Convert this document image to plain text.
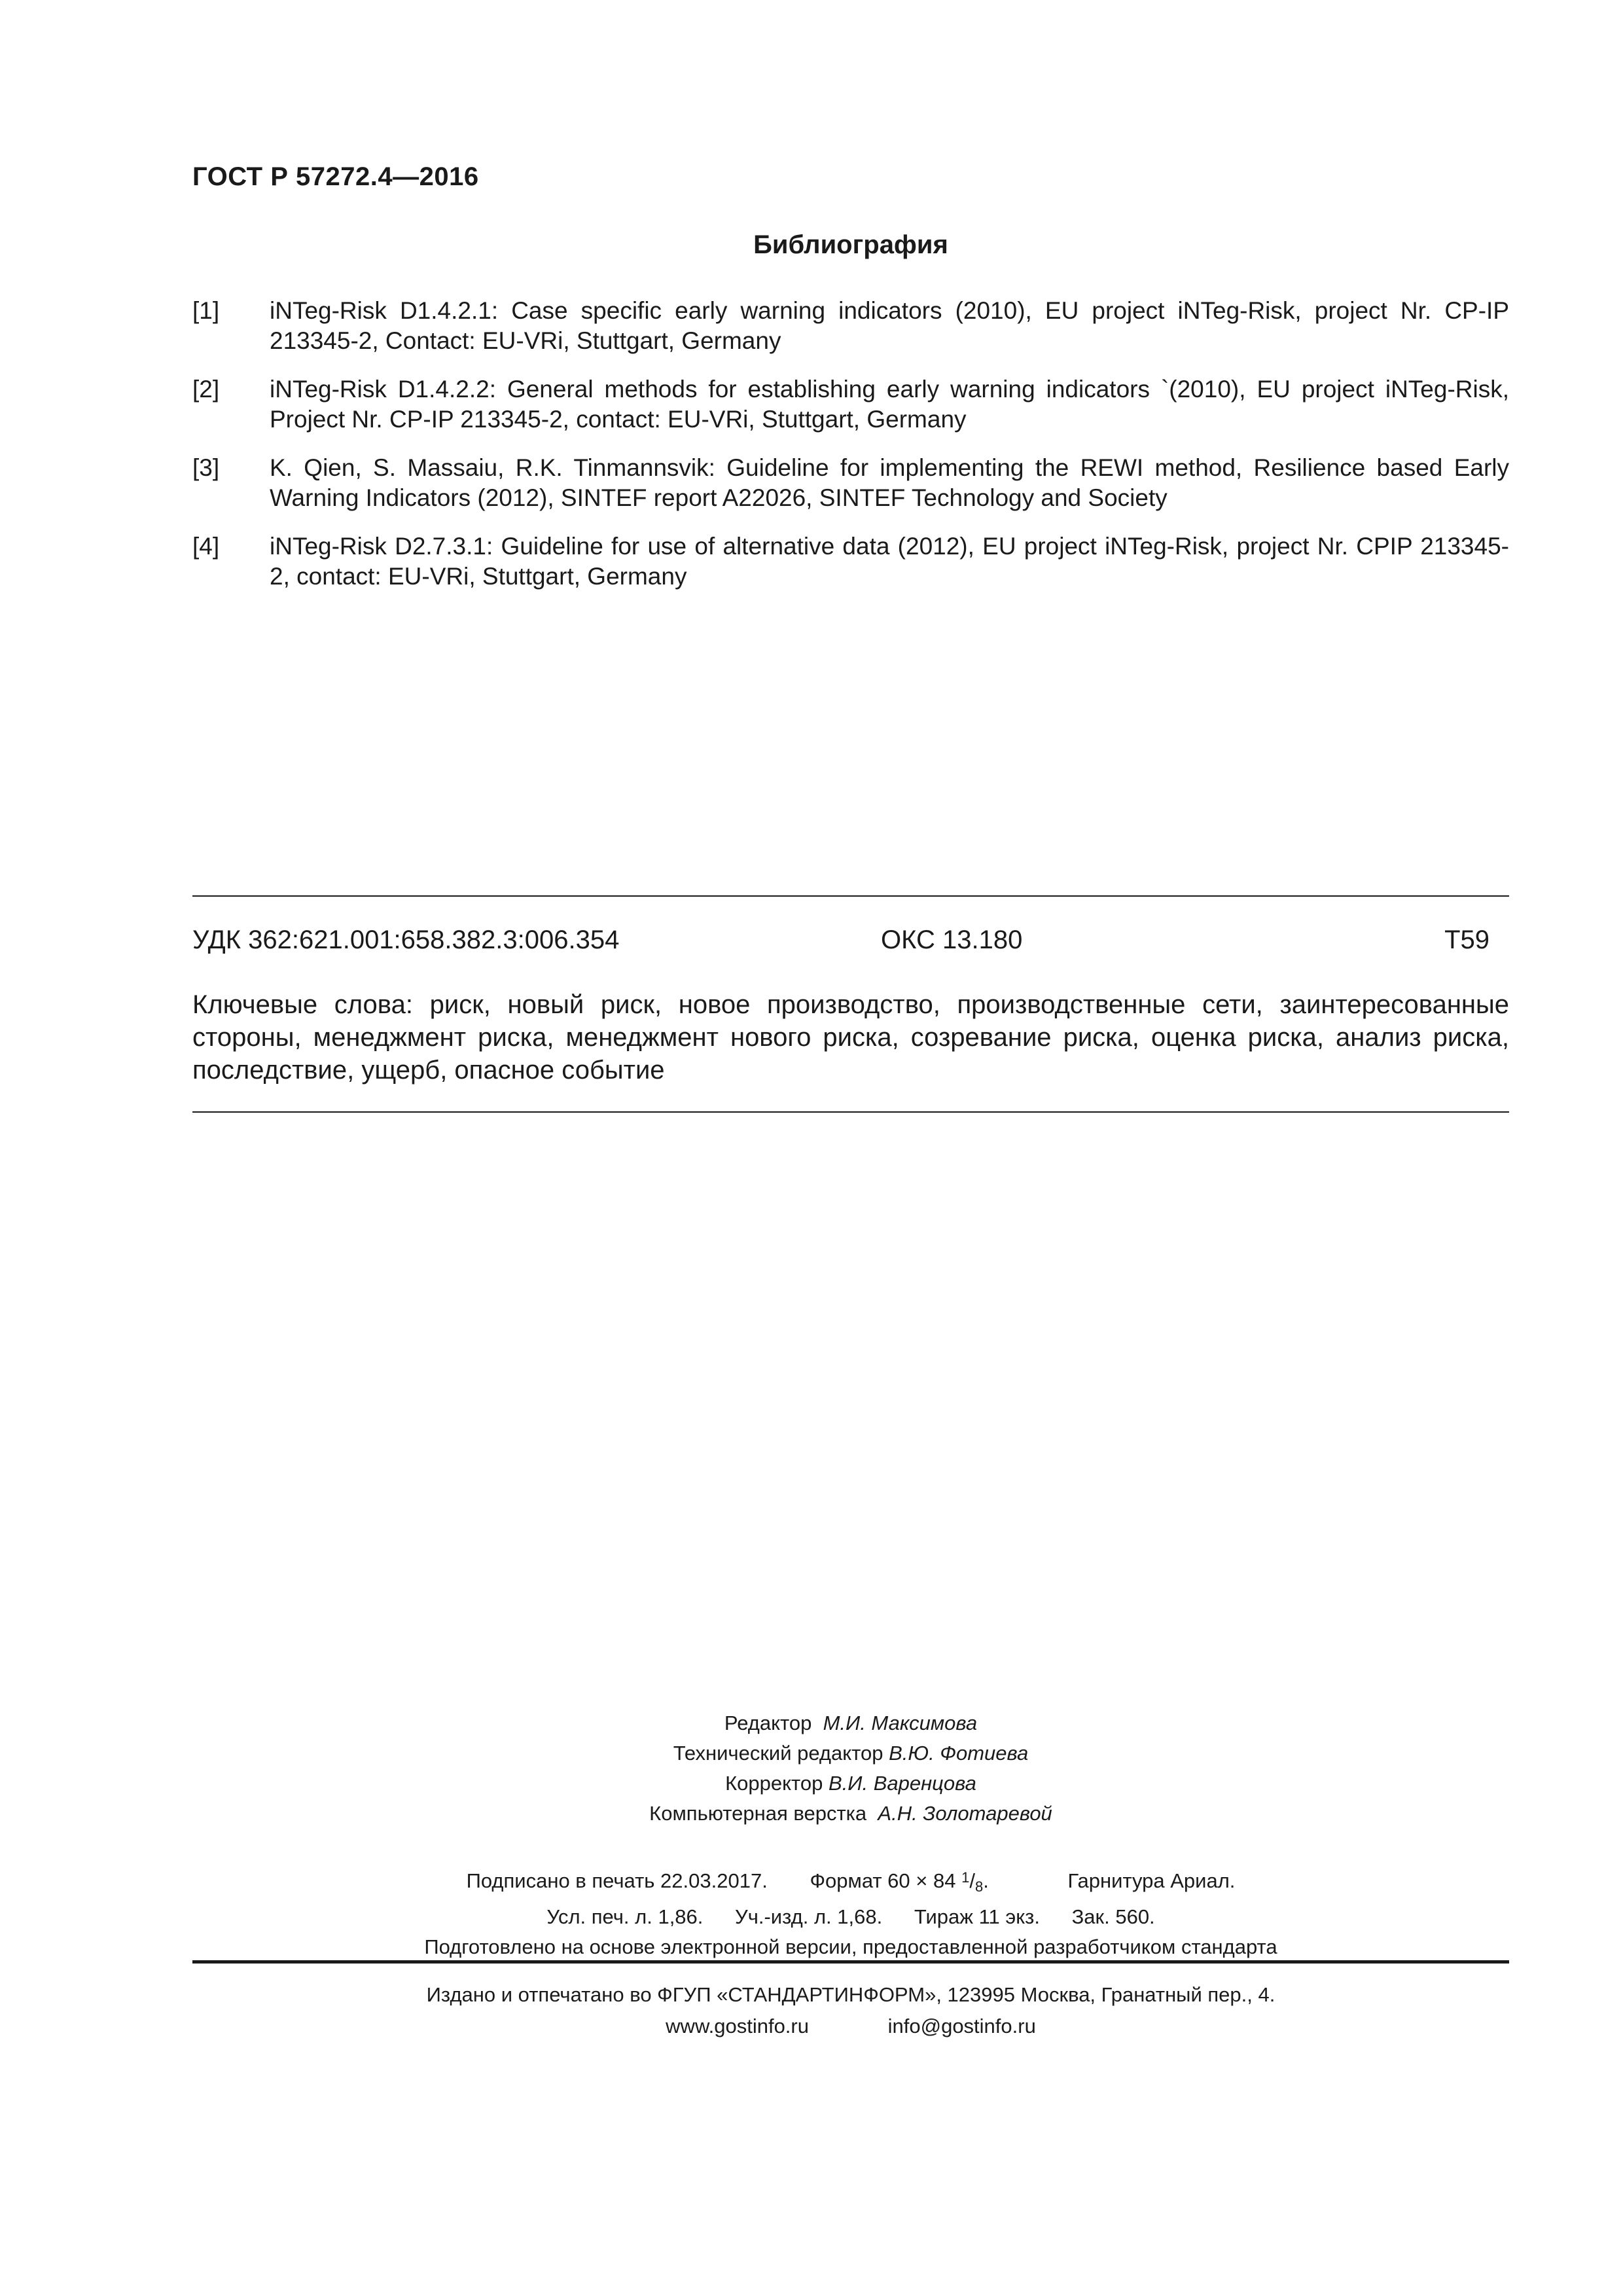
ГОСТ Р 57272.4—2016
Библиография
[1] iNTeg-Risk D1.4.2.1: Case specific early warning indicators (2010), EU project iNTeg-Risk, project Nr. CP-IP 213345-2, Contact: EU-VRi, Stuttgart, Germany
[2] iNTeg-Risk D1.4.2.2: General methods for establishing early warning indicators `(2010), EU project iNTeg-Risk, Project Nr. CP-IP 213345-2, contact: EU-VRi, Stuttgart, Germany
[3] K. Qien, S. Massaiu, R.K. Tinmannsvik: Guideline for implementing the REWI method, Resilience based Early Warning Indicators (2012), SINTEF report A22026, SINTEF Technology and Society
[4] iNTeg-Risk D2.7.3.1: Guideline for use of alternative data (2012), EU project iNTeg-Risk, project Nr. CPIP 213345-2, contact: EU-VRi, Stuttgart, Germany
УДК 362:621.001:658.382.3:006.354	ОКС 13.180	Т59
Ключевые слова: риск, новый риск, новое производство, производственные сети, заинтересованные стороны, менеджмент риска, менеджмент нового риска, созревание риска, оценка риска, анализ риска, последствие, ущерб, опасное событие
Редактор М.И. Максимова
Технический редактор В.Ю. Фотиева
Корректор В.И. Варенцова
Компьютерная верстка А.Н. Золотаревой
Подписано в печать 22.03.2017. Формат 60 × 84 $^1$/8.	Гарнитура Ариал.
Усл. печ. л. 1,86. Уч.-изд. л. 1,68. Тираж 11 экз. Зак. 560.
Подготовлено на основе электронной версии, предоставленной разработчиком стандарта
Издано и отпечатано во ФГУП «СТАНДАРТИНФОРМ», 123995 Москва, Гранатный пер., 4.
www.gostinfo.ru	info@gostinfo.ru
